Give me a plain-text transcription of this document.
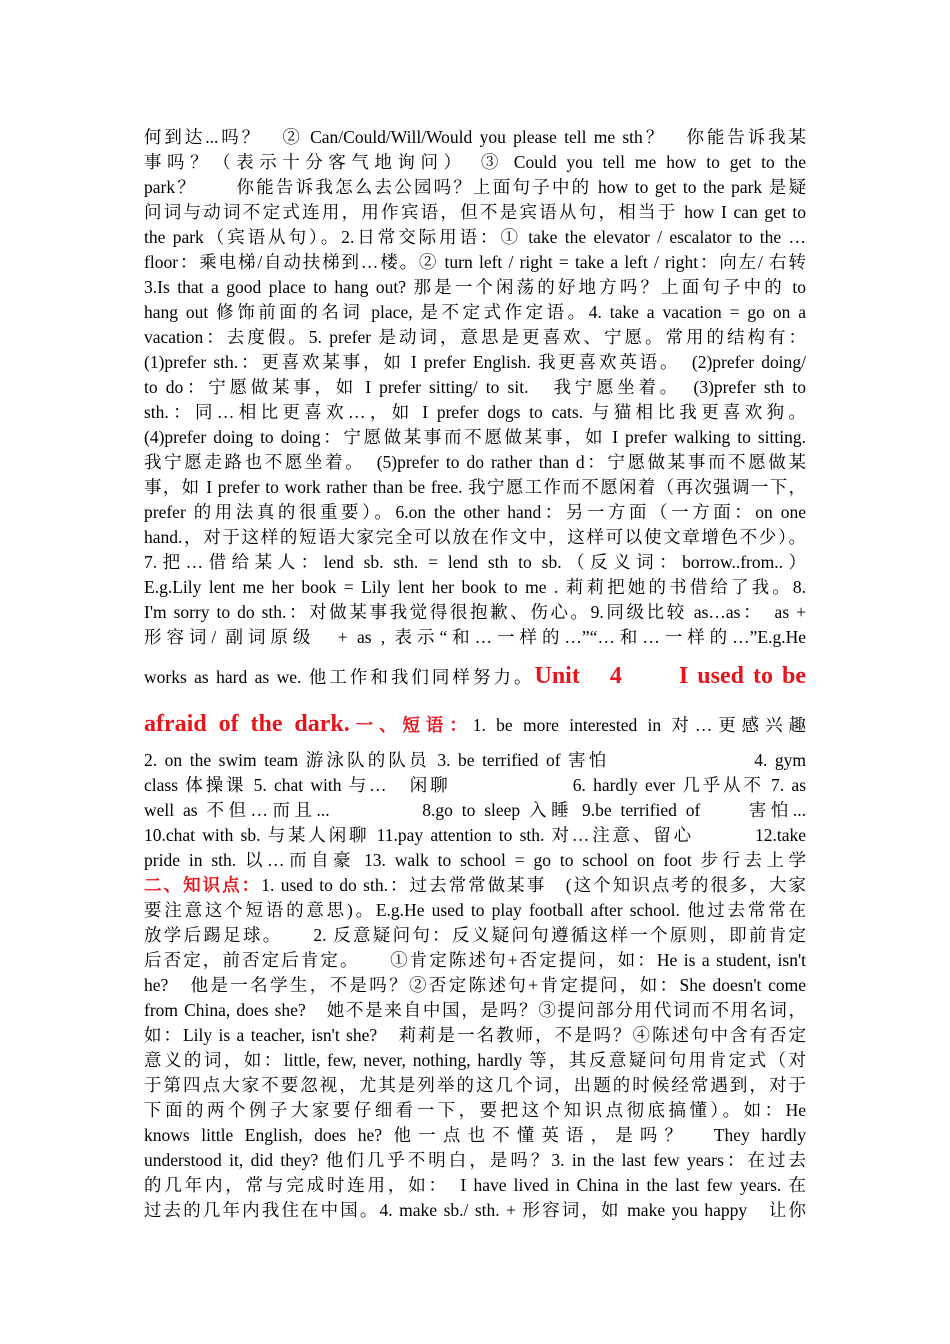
何到达...吗？　② Can/Could/Will/Would you please tell me sth？　你能告诉我某
事吗？（表示十分客气地询问）　③ Could you tell me how to get to the
park？　　你能告诉我怎么去公园吗？上面句子中的 how to get to the park 是疑
问词与动词不定式连用，用作宾语，但不是宾语从句，相当于 how I can get to
the park（宾语从句）。2.日常交际用语：① take the elevator / escalator to the …
floor：乘电梯/自动扶梯到…楼。② turn left / right = take a left / right：向左/ 右转
3.Is that a good place to hang out? 那是一个闲荡的好地方吗？上面句子中的 to
hang out 修饰前面的名词 place, 是不定式作定语。4. take a vacation = go on a
vacation：去度假。5. prefer 是动词，意思是更喜欢、宁愿。常用的结构有：
(1)prefer sth.：更喜欢某事，如 I prefer English. 我更喜欢英语。　(2)prefer doing/
to do：宁愿做某事，如 I prefer sitting/ to sit.　我宁愿坐着。　(3)prefer sth to
sth.：同…相比更喜欢…，如 I prefer dogs to cats. 与猫相比我更喜欢狗。
(4)prefer doing to doing：宁愿做某事而不愿做某事，如 I prefer walking to sitting.
我宁愿走路也不愿坐着。　(5)prefer to do rather than d：宁愿做某事而不愿做某
事，如 I prefer to work rather than be free. 我宁愿工作而不愿闲着（再次强调一下，
prefer 的用法真的很重要）。6.on the other hand：另一方面（一方面：on one
hand.，对于这样的短语大家完全可以放在作文中，这样可以使文章增色不少）。
7.把…借给某人：lend sb. sth. = lend sth to sb.（反义词：borrow..from..）
E.g.Lily lent me her book = Lily lent her book to me . 莉莉把她的书借给了我。8.
I'm sorry to do sth.：对做某事我觉得很抱歉、伤心。9.同级比较 as…as：　as +
形容词/ 副词原级　+ as , 表示“和…一样的…”“…和…一样的…”E.g.He
works as hard as we. 他工作和我们同样努力。Unit　4　　I used to be
afraid of the dark.一、短语：1. be more interested in 对…更感兴趣
2. on the swim team 游泳队的队员 3. be terrified of 害怕　　　　　　　4. gym
class 体操课 5. chat with 与…　闲聊　　　　　　6. hardly ever 几乎从不 7. as
well as 不但…而且...　　　　8.go to sleep 入睡 9.be terrified of　　害怕...
10.chat with sb. 与某人闲聊 11.pay attention to sth. 对…注意、留心　　　12.take
pride in sth. 以…而自豪 13. walk to school = go to school on foot 步行去上学
二、知识点：1. used to do sth.：过去常常做某事　(这个知识点考的很多，大家
要注意这个短语的意思)。E.g.He used to play football after school. 他过去常常在
放学后踢足球。　　2. 反意疑问句：反义疑问句遵循这样一个原则，即前肯定
后否定，前否定后肯定。　　①肯定陈述句+否定提问，如：He is a student, isn't
he?　他是一名学生，不是吗？②否定陈述句+肯定提问，如：She doesn't come
from China, does she?　她不是来自中国，是吗？③提问部分用代词而不用名词，
如：Lily is a teacher, isn't she?　莉莉是一名教师，不是吗？④陈述句中含有否定
意义的词，如：little, few, never, nothing, hardly 等，其反意疑问句用肯定式（对
于第四点大家不要忽视，尤其是列举的这几个词，出题的时候经常遇到，对于
下面的两个例子大家要仔细看一下，要把这个知识点彻底搞懂）。如：He
knows little English, does he? 他一点也不懂英语，是吗？　They hardly
understood it, did they? 他们几乎不明白，是吗？3. in the last few years：在过去
的几年内，常与完成时连用，如：　I have lived in China in the last few years. 在
过去的几年内我住在中国。4. make sb./ sth. + 形容词，如 make you happy　让你
